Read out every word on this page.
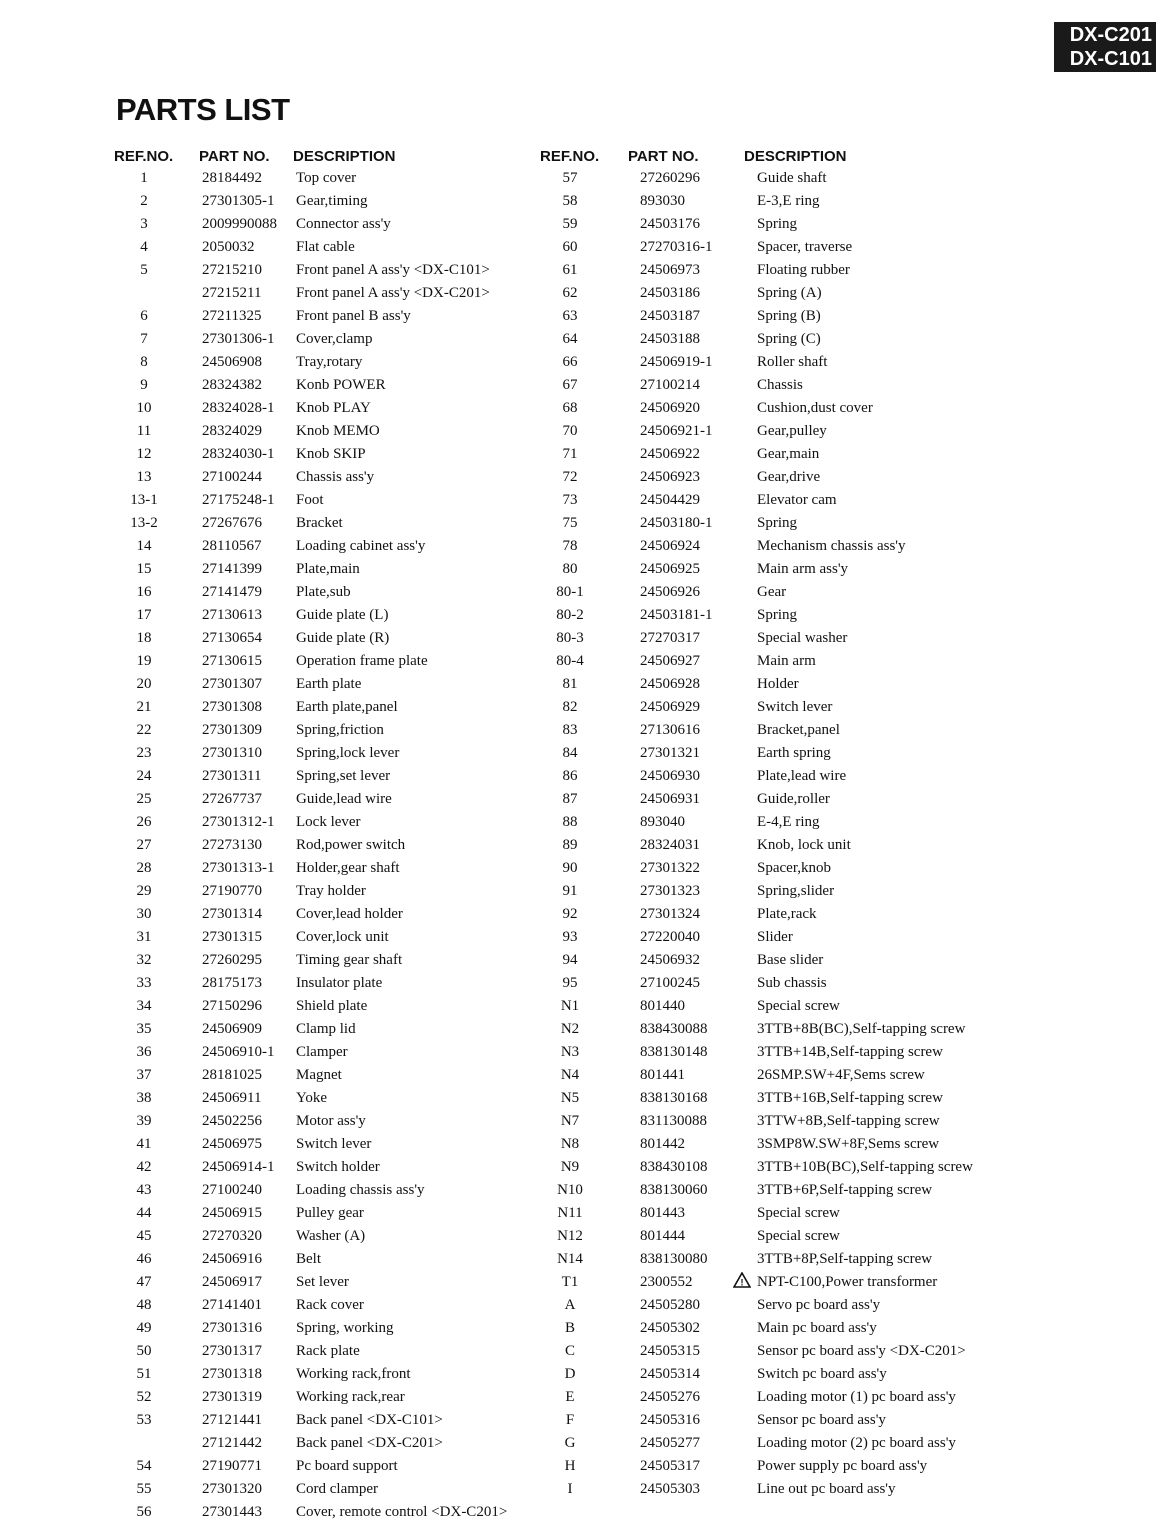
DX-C201
DX-C101
PARTS LIST
REF.NO. PART NO. DESCRIPTION
1	28184492 Top cover
2	27301305-1 Gear,timing
3	2009990088 Connector ass'y
4	2050032	Flat cable
5	27215210 Front panel A ass'y <DX-C101>
27215211 Front panel A ass'y <DX-C201>
6	27211325 Front panel B ass'y
7	27301306-1 Cover,clamp
8	24506908 Tray,rotary
9	28324382 Konb POWER
10	28324028-1 Knob PLAY
11	28324029 Knob MEMO
12	28324030-1 Knob SKIP
13	27100244 Chassis ass'y
13-1	27175248-1 Foot
13-2	27267676 Bracket
14	28110567 Loading cabinet ass'y
15	27141399 Plate,main
16	27141479 Plate,sub
17	27130613 Guide plate (L)
18	27130654 Guide plate (R)
19	27130615 Operation frame plate
20	27301307 Earth plate
21	27301308 Earth plate,panel
22	27301309 Spring,friction
23	27301310 Spring,lock lever
24	27301311 Spring,set lever
25	27267737 Guide,lead wire
26	27301312-1 Lock lever
27	27273130 Rod,power switch
28	27301313-1 Holder,gear shaft
29	27190770 Tray holder
30	27301314 Cover,lead holder
31	27301315 Cover,lock unit
32	27260295 Timing gear shaft
33	28175173 Insulator plate
34	27150296 Shield plate
35	24506909 Clamp lid
36	24506910-1 Clamper
37	28181025 Magnet
38	24506911 Yoke
39	24502256 Motor ass'y
41	24506975 Switch lever
42	24506914-1 Switch holder
43	27100240 Loading chassis ass'y
44	24506915 Pulley gear
45	27270320 Washer (A)
46	24506916 Belt
47	24506917 Set lever
48	27141401 Rack cover
49	27301316 Spring, working
50	27301317 Rack plate
51	27301318 Working rack,front
52	27301319 Working rack,rear
53	27121441 Back panel <DX-C101>
27121442 Back panel <DX-C201>
54	27190771 Pc board support
55	27301320 Cord clamper
56	27301443 Cover, remote control <DX-C201>
REF.NO. PART NO.	DESCRIPTION
57	27260296	Guide shaft
58	893030	E-3,E ring
59	24503176	Spring
60	27270316-1	Spacer, traverse
61	24506973	Floating rubber
62	24503186	Spring (A)
63	24503187	Spring (B)
64	24503188	Spring (C)
66	24506919-1	Roller shaft
67	27100214	Chassis
68	24506920	Cushion,dust cover
70	24506921-1	Gear,pulley
71	24506922	Gear,main
72	24506923	Gear,drive
73	24504429	Elevator cam
75	24503180-1	Spring
78	24506924	Mechanism chassis ass'y
80	24506925	Main arm ass'y
80-1	24506926	Gear
80-2	24503181-1	Spring
80-3	27270317	Special washer
80-4	24506927	Main arm
81	24506928	Holder
82	24506929	Switch lever
83	27130616	Bracket,panel
84	27301321	Earth spring
86	24506930	Plate,lead wire
87	24506931	Guide,roller
88	893040	E-4,E ring
89	28324031	Knob, lock unit
90	27301322	Spacer,knob
91	27301323	Spring,slider
92	27301324	Plate,rack
93	27220040	Slider
94	24506932	Base slider
95	27100245	Sub chassis
N1	801440	Special screw
N2	838430088	3TTB+8B(BC),Self-tapping screw
N3	838130148	3TTB+14B,Self-tapping screw
N4	801441	26SMP.SW+4F,Sems screw
N5	838130168	3TTB+16B,Self-tapping screw
N7	831130088	3TTW+8B,Self-tapping screw
N8	801442	3SMP8W.SW+8F,Sems screw
N9	838430108	3TTB+10B(BC),Self-tapping screw
N10	838130060	3TTB+6P,Self-tapping screw
N11	801443	Special screw
N12	801444	Special screw
N14	838130080	3TTB+8P,Self-tapping screw
T1	2300552	NPT-C100,Power transformer
!
A	24505280	Servo pc board ass'y
B	24505302	Main pc board ass'y
C	24505315	Sensor pc board ass'y <DX-C201>
D	24505314	Switch pc board ass'y
E	24505276	Loading motor (1) pc board ass'y
F	24505316	Sensor pc board ass'y
G	24505277	Loading motor (2) pc board ass'y
H	24505317	Power supply pc board ass'y
I	24505303	Line out pc board ass'y
